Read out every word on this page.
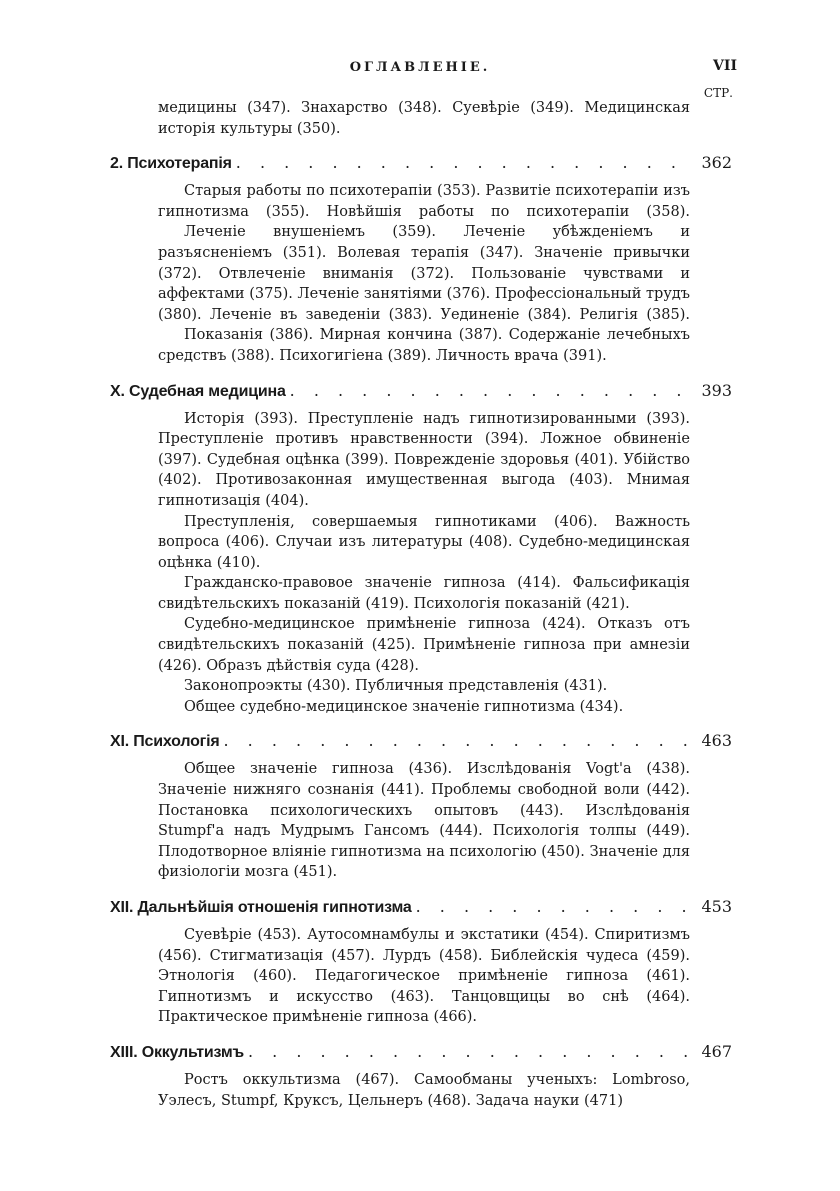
ОГЛАВЛЕНІЕ.	VII
СТР.

медицины (347). Знахарство (348). Суевѣріе (349). Медицинская исторія культуры (350).

2. Психотерапія . . .	362

Старыя работы по психотерапіи (353). Развитіе психотерапіи изъ гипнотизма (355). Новѣйшія работы по психотерапіи (358).

Леченіе внушеніемъ (359). Леченіе убѣжденіемъ и разъясненіемъ (351). Волевая терапія (347). Значеніе привычки (372). Отвлеченіе вниманія (372). Пользованіе чувствами и аффектами (375). Леченіе занятіями (376). Профессіональный трудъ (380). Леченіе въ заведеніи (383). Уединеніе (384). Религія (385).

Показанія (386). Мирная кончина (387). Содержаніе лечебныхъ средствъ (388). Психогигіена (389). Личность врача (391).

X. Судебная медицина . . .	393

Исторія (393). Преступленіе надъ гипнотизированными (393). Преступленіе противъ нравственности (394). Ложное обвиненіе (397). Судебная оцѣнка (399). Поврежденіе здоровья (401). Убійство (402). Противозаконная имущественная выгода (403). Мнимая гипнотизація (404).

Преступленія, совершаемыя гипнотиками (406). Важность вопроса (406). Случаи изъ литературы (408). Судебно-медицинская оцѣнка (410).

Гражданско-правовое значеніе гипноза (414). Фальсификація свидѣтельскихъ показаній (419). Психологія показаній (421).

Судебно-медицинское примѣненіе гипноза (424). Отказъ отъ свидѣтельскихъ показаній (425). Примѣненіе гипноза при амнезіи (426). Образъ дѣйствія суда (428).

Законопроэкты (430). Публичныя представленія (431).

Общее судебно-медицинское значеніе гипнотизма (434).

XI. Психологія . . .	463

Общее значеніе гипноза (436). Изслѣдованія Vogt'a (438). Значеніе нижняго сознанія (441). Проблемы свободной воли (442). Постановка психологическихъ опытовъ (443). Изслѣдованія Stumpf'a надъ Мудрымъ Гансомъ (444). Психологія толпы (449). Плодотворное вліяніе гипнотизма на психологію (450). Значеніе для физіологіи мозга (451).

XII. Дальнѣйшія отношенія гипнотизма . . .	453

Суевѣріе (453). Аутосомнамбулы и экстатики (454). Спиритизмъ (456). Стигматизація (457). Лурдъ (458). Библейскія чудеса (459). Этнологія (460). Педагогическое примѣненіе гипноза (461). Гипнотизмъ и искусство (463). Танцовщицы во снѣ (464). Практическое примѣненіе гипноза (466).

XIII. Оккультизмъ . . .	467

Ростъ оккультизма (467). Самообманы ученыхъ: Lombroso, Уэлесъ, Stumpf, Круксъ, Цельнеръ (468). Задача науки (471)
